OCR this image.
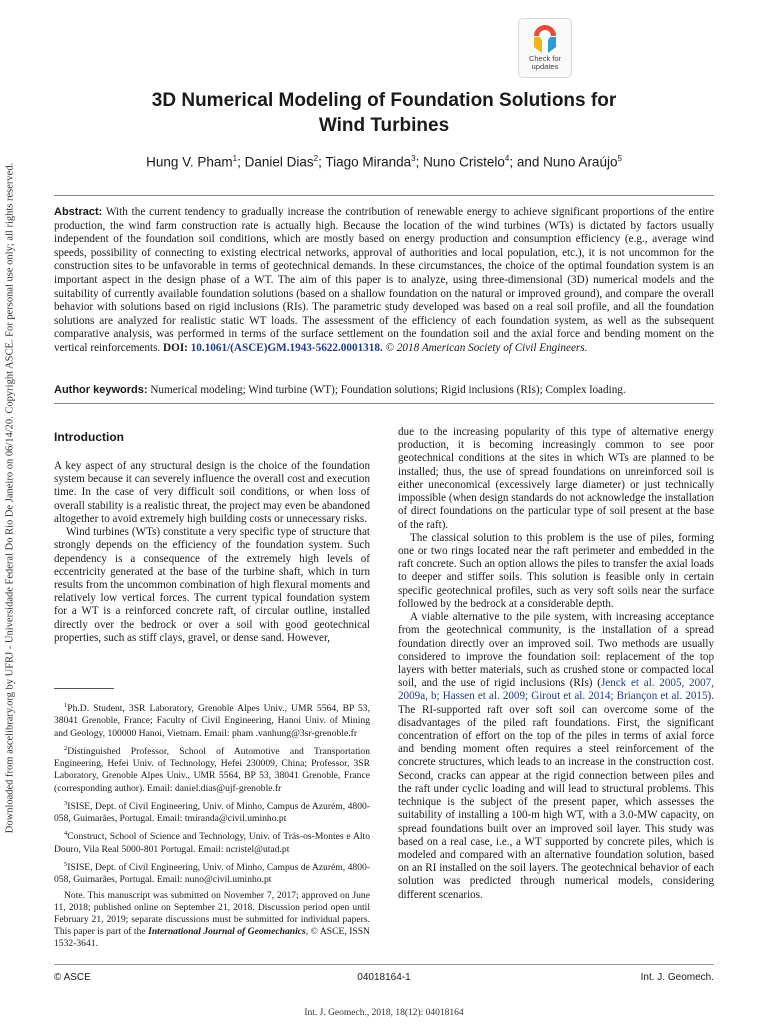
Check for
updates
Downloaded from ascelibrary.org by UFRJ - Universidade Federal Do Rio De Janeiro on 06/14/20. Copyright ASCE. For personal use only; all rights reserved.
3D Numerical Modeling of Foundation Solutions for
Wind Turbines
Hung V. Pham$^1$; Daniel Dias$^2$; Tiago Miranda$^3$; Nuno Cristelo$^4$; and Nuno Araújo$^5$
Abstract: With the current tendency to gradually increase the contribution of renewable energy to achieve significant proportions of the entire production, the wind farm construction rate is actually high. Because the location of the wind turbines (WTs) is dictated by factors usually independent of the foundation soil conditions, which are mostly based on energy production and consumption efficiency (e.g., average wind speeds, possibility of connecting to existing electrical networks, approval of authorities and local population, etc.), it is not uncommon for the construction sites to be unfavorable in terms of geotechnical demands. In these circumstances, the choice of the optimal foundation system is an important aspect in the design phase of a WT. The aim of this paper is to analyze, using three-dimensional (3D) numerical models and the suitability of currently available foundation solutions (based on a shallow foundation on the natural or improved ground), and compare the overall behavior with solutions based on rigid inclusions (RIs). The parametric study developed was based on a real soil profile, and all the foundation solutions are analyzed for realistic static WT loads. The assessment of the efficiency of each foundation system, as well as the subsequent comparative analysis, was performed in terms of the surface settlement on the foundation soil and the axial force and bending moment on the vertical reinforcements. DOI: 10.1061/(ASCE)GM.1943-5622.0001318. © 2018 American Society of Civil Engineers.
Author keywords: Numerical modeling; Wind turbine (WT); Foundation solutions; Rigid inclusions (RIs); Complex loading.
Introduction

A key aspect of any structural design is the choice of the foundation system because it can severely influence the overall cost and execution time. In the case of very difficult soil conditions, or when loss of overall stability is a realistic threat, the project may even be abandoned altogether to avoid extremely high building costs or unnecessary risks.

Wind turbines (WTs) constitute a very specific type of structure that strongly depends on the efficiency of the foundation system. Such dependency is a consequence of the extremely high levels of eccentricity generated at the base of the turbine shaft, which in turn results from the uncommon combination of high flexural moments and relatively low vertical forces. The current typical foundation system for a WT is a reinforced concrete raft, of circular outline, installed directly over the bedrock or over a soil with good geotechnical properties, such as stiff clays, gravel, or dense sand. However,

$^1$Ph.D. Student, 3SR Laboratory, Grenoble Alpes Univ., UMR 5564, BP 53, 38041 Grenoble, France; Faculty of Civil Engineering, Hanoi Univ. of Mining and Geology, 100000 Hanoi, Vietnam. Email: pham .vanhung@3sr-grenoble.fr

$^2$Distinguished Professor, School of Automotive and Transportation Engineering, Hefei Univ. of Technology, Hefei 230009, China; Professor, 3SR Laboratory, Grenoble Alpes Univ., UMR 5564, BP 53, 38041 Grenoble, France (corresponding author). Email: daniel.dias@ujf-grenoble.fr

$^3$ISISE, Dept. of Civil Engineering, Univ. of Minho, Campus de Azurém, 4800-058, Guimarães, Portugal. Email: tmiranda@civil.uminho.pt

$^4$Construct, School of Science and Technology, Univ. of Trás-os-Montes e Alto Douro, Vila Real 5000-801 Portugal. Email: ncristel@utad.pt

$^5$ISISE, Dept. of Civil Engineering, Univ. of Minho, Campus de Azurém, 4800-058, Guimarães, Portugal. Email: nuno@civil.uminho.pt

Note. This manuscript was submitted on November 7, 2017; approved on June 11, 2018; published online on September 21, 2018. Discussion period open until February 21, 2019; separate discussions must be submitted for individual papers. This paper is part of the International Journal of Geomechanics, © ASCE, ISSN 1532-3641.

due to the increasing popularity of this type of alternative energy production, it is becoming increasingly common to see poor geotechnical conditions at the sites in which WTs are planned to be installed; thus, the use of spread foundations on unreinforced soil is either uneconomical (excessively large diameter) or just technically impossible (when design standards do not acknowledge the installation of direct foundations on the particular type of soil present at the base of the raft).

The classical solution to this problem is the use of piles, forming one or two rings located near the raft perimeter and embedded in the raft concrete. Such an option allows the piles to transfer the axial loads to deeper and stiffer soils. This solution is feasible only in certain specific geotechnical profiles, such as very soft soils near the surface followed by the bedrock at a considerable depth.

A viable alternative to the pile system, with increasing acceptance from the geotechnical community, is the installation of a spread foundation directly over an improved soil. Two methods are usually considered to improve the foundation soil: replacement of the top layers with better materials, such as crushed stone or compacted local soil, and the use of rigid inclusions (RIs) (Jenck et al. 2005, 2007, 2009a, b; Hassen et al. 2009; Girout et al. 2014; Briançon et al. 2015). The RI-supported raft over soft soil can overcome some of the disadvantages of the piled raft foundations. First, the significant concentration of effort on the top of the piles in terms of axial force and bending moment often requires a steel reinforcement of the concrete structures, which leads to an increase in the construction cost. Second, cracks can appear at the rigid connection between piles and the raft under cyclic loading and will lead to structural problems. This technique is the subject of the present paper, which assesses the suitability of installing a 100-m high WT, with a 3.0-MW capacity, on spread foundations built over an improved soil layer. This study was based on a real case, i.e., a WT supported by concrete piles, which is modeled and compared with an alternative foundation solution, based on an RI installed on the soil layers. The geotechnical behavior of each solution was predicted through numerical models, considering different scenarios.

04018164-1
© ASCE	Int. J. Geomech.
Int. J. Geomech., 2018, 18(12): 04018164
